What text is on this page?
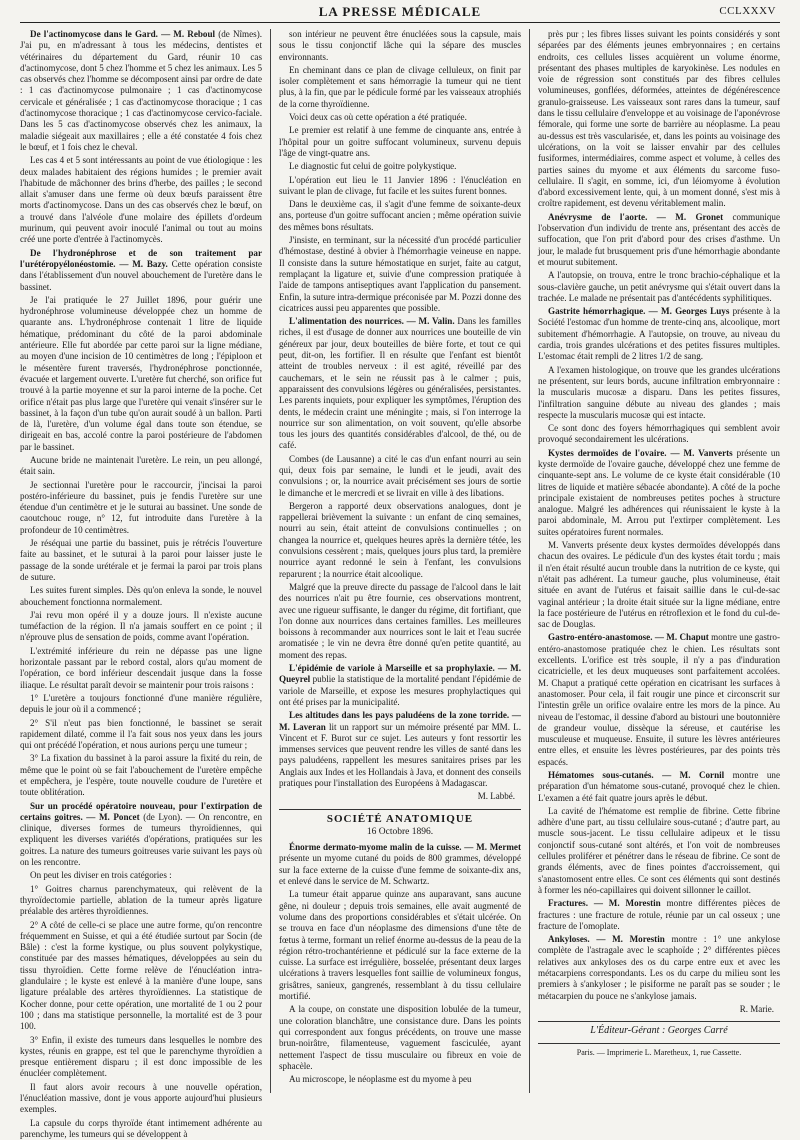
LA PRESSE MÉDICALE	CCLXXXV

De l'actinomycose dans le Gard. — M. Reboul (de Nîmes). J'ai pu, en m'adressant à tous les médecins, dentistes et vétérinaires du département du Gard, réunir 10 cas d'actinomycose, dont 5 chez l'homme et 5 chez les animaux. Les 5 cas observés chez l'homme se décomposent ainsi par ordre de date : 1 cas d'actinomycose pulmonaire ; 1 cas d'actinomycose cervicale et généralisée ; 1 cas d'actinomycose thoracique ; 1 cas d'actinomycose thoracique ; 1 cas d'actinomycose cervico-faciale. Dans les 5 cas d'actinomycose observés chez les animaux, la maladie siégeait aux maxillaires ; elle a été constatée 4 fois chez le bœuf, et 1 fois chez le cheval.

Les cas 4 et 5 sont intéressants au point de vue étiologique : les deux malades habitaient des régions humides ; le premier avait l'habitude de mâchonner des brins d'herbe, des pailles ; le second allait s'amuser dans une ferme où deux bœufs paraissent être morts d'actinomycose. Dans un des cas observés chez le bœuf, on a trouvé dans l'alvéole d'une molaire des épillets d'ordeum murinum, qui peuvent avoir inoculé l'animal ou tout au moins créé une porte d'entrée à l'actinomycès.

De l'hydronéphrose et de son traitement par l'urétéropyélonéostomie. — M. Bazy. Cette opération consiste dans l'établissement d'un nouvel abouchement de l'uretère dans le bassinet.

Je l'ai pratiquée le 27 Juillet 1896, pour guérir une hydronéphrose volumineuse développée chez un homme de quarante ans. L'hydronéphrose contenait 1 litre de liquide hématique, prédominant du côté de la paroi abdominale antérieure. Elle fut abordée par cette paroi sur la ligne médiane, au moyen d'une incision de 10 centimètres de long ; l'épiploon et le mésentère furent traversés, l'hydronéphrose ponctionnée, évacuée et largement ouverte. L'uretère fut cherché, son orifice fut trouvé à la partie moyenne et sur la paroi interne de la poche. Cet orifice n'était pas plus large que l'uretère qui venait s'insérer sur le bassinet, à la façon d'un tube qu'on aurait soudé à un ballon. Parti de là, l'uretère, d'un volume égal dans toute son étendue, se dirigeait en bas, accolé contre la paroi postérieure de l'abdomen par le bassinet.

Aucune bride ne maintenait l'uretère. Le rein, un peu allongé, était sain.

Je sectionnai l'uretère pour le raccourcir, j'incisai la paroi postéro-inférieure du bassinet, puis je fendis l'uretère sur une étendue d'un centimètre et je le suturai au bassinet. Une sonde de caoutchouc rouge, n° 12, fut introduite dans l'uretère à la profondeur de 10 centimètres.

Je réséquai une partie du bassinet, puis je rétrécis l'ouverture faite au bassinet, et le suturai à la paroi pour laisser juste le passage de la sonde urétérale et je fermai la paroi par trois plans de suture.

Les suites furent simples. Dès qu'on enleva la sonde, le nouvel abouchement fonctionna normalement.

J'ai revu mon opéré il y a douze jours. Il n'existe aucune tuméfaction de la région. Il n'a jamais souffert en ce point ; il n'éprouve plus de sensation de poids, comme avant l'opération.

L'extrémité inférieure du rein ne dépasse pas une ligne horizontale passant par le rebord costal, alors qu'au moment de l'opération, ce bord inférieur descendait jusque dans la fosse iliaque. Le résultat paraît devoir se maintenir pour trois raisons :

1° L'uretère a toujours fonctionné d'une manière régulière, depuis le jour où il a commencé ;

2° S'il n'eut pas bien fonctionné, le bassinet se serait rapidement dilaté, comme il l'a fait sous nos yeux dans les jours qui ont précédé l'opération, et nous aurions perçu une tumeur ;

3° La fixation du bassinet à la paroi assure la fixité du rein, de même que le point où se fait l'abouchement de l'uretère empêche et empêchera, je l'espère, toute nouvelle coudure de l'uretère et toute oblitération.

Sur un procédé opératoire nouveau, pour l'extirpation de certains goitres. — M. Poncet (de Lyon). — On rencontre, en clinique, diverses formes de tumeurs thyroïdiennes, qui expliquent les diverses variétés d'opérations, pratiquées sur les goitres. La nature des tumeurs goitreuses varie suivant les pays où on les rencontre.

On peut les diviser en trois catégories :

1° Goitres charnus parenchymateux, qui relèvent de la thyroïdectomie partielle, ablation de la tumeur après ligature préalable des artères thyroïdiennes.

2° A côté de celle-ci se place une autre forme, qu'on rencontre fréquemment en Suisse, et qui a été étudiée surtout par Socin (de Bâle) : c'est la forme kystique, ou plus souvent polykystique, constituée par des masses hématiques, développées au sein du tissu thyroïdien. Cette forme relève de l'énucléation intra-glandulaire ; le kyste est enlevé à la manière d'une loupe, sans ligature préalable des artères thyroïdiennes. La statistique de Kocher donne, pour cette opération, une mortalité de 1 ou 2 pour 100 ; dans ma statistique personnelle, la mortalité est de 3 pour 100.

3° Enfin, il existe des tumeurs dans lesquelles le nombre des kystes, réunis en grappe, est tel que le parenchyme thyroïdien a presque entièrement disparu ; il est donc impossible de les énucléer complètement.

Il faut alors avoir recours à une nouvelle opération, l'énucléation massive, dont je vous apporte aujourd'hui plusieurs exemples.

La capsule du corps thyroïde étant intimement adhérente au parenchyme, les tumeurs qui se développent à

son intérieur ne peuvent être énucléées sous la capsule, mais sous le tissu conjonctif lâche qui la sépare des muscles environnants.

En cheminant dans ce plan de clivage celluleux, on finit par isoler complètement et sans hémorragie la tumeur qui ne tient plus, à la fin, que par le pédicule formé par les vaisseaux atrophiés de la corne thyroïdienne.

Voici deux cas où cette opération a été pratiquée.

Le premier est relatif à une femme de cinquante ans, entrée à l'hôpital pour un goitre suffocant volumineux, survenu depuis l'âge de vingt-quatre ans.

Le diagnostic fut celui de goitre polykystique.

L'opération eut lieu le 11 Janvier 1896 : l'énucléation en suivant le plan de clivage, fut facile et les suites furent bonnes.

Dans le deuxième cas, il s'agit d'une femme de soixante-deux ans, porteuse d'un goitre suffocant ancien ; même opération suivie des mêmes bons résultats.

J'insiste, en terminant, sur la nécessité d'un procédé particulier d'hémostase, destiné à obvier à l'hémorrhagie veineuse en nappe. Il consiste dans la suture hémostatique en surjet, faite au catgut, remplaçant la ligature et, suivie d'une compression pratiquée à l'aide de tampons antiseptiques avant l'application du pansement. Enfin, la suture intra-dermique préconisée par M. Pozzi donne des cicatrices aussi peu apparentes que possible.

L'alimentation des nourrices. — M. Valin. Dans les familles riches, il est d'usage de donner aux nourrices une bouteille de vin généreux par jour, deux bouteilles de bière forte, et tout ce qui peut, dit-on, les fortifier. Il en résulte que l'enfant est bientôt atteint de troubles nerveux : il est agité, réveillé par des cauchemars, et le sein ne réussit pas à le calmer ; puis, apparaissent des convulsions légères ou généralisées, persistantes. Les parents inquiets, pour expliquer les symptômes, l'éruption des dents, le médecin craint une méningite ; mais, si l'on interroge la nourrice sur son alimentation, on voit souvent, qu'elle absorbe tous les jours des quantités considérables d'alcool, de thé, ou de café.

Combes (de Lausanne) a cité le cas d'un enfant nourri au sein qui, deux fois par semaine, le lundi et le jeudi, avait des convulsions ; or, la nourrice avait précisément ses jours de sortie le dimanche et le mercredi et se livrait en ville à des libations.

Bergeron a rapporté deux observations analogues, dont je rappellerai brièvement la suivante : un enfant de cinq semaines, nourri au sein, était atteint de convulsions continuelles ; on changea la nourrice et, quelques heures après la dernière tétée, les convulsions cessèrent ; mais, quelques jours plus tard, la première nourrice ayant redonné le sein à l'enfant, les convulsions reparurent ; la nourrice était alcoolique.

Malgré que la preuve directe du passage de l'alcool dans le lait des nourrices n'ait pu être fournie, ces observations montrent, avec une rigueur suffisante, le danger du régime, dit fortifiant, que l'on donne aux nourrices dans certaines familles. Les meilleures boissons à recommander aux nourrices sont le lait et l'eau sucrée aromatisée ; le vin ne devra être donné qu'en petite quantité, au moment des repas.

L'épidémie de variole à Marseille et sa prophylaxie. — M. Queyrel publie la statistique de la mortalité pendant l'épidémie de variole de Marseille, et expose les mesures prophylactiques qui ont été prises par la municipalité.

Les altitudes dans les pays paludéens de la zone torride. — M. Laveran lit un rapport sur un mémoire présenté par MM. L. Vincent et F. Burot sur ce sujet. Les auteurs y font ressortir les immenses services que peuvent rendre les villes de santé dans les pays paludéens, rappellent les mesures sanitaires prises par les Anglais aux Indes et les Hollandais à Java, et donnent des conseils pratiques pour l'installation des Européens à Madagascar.

M. Labbé.
SOCIÉTÉ ANATOMIQUE
16 Octobre 1896.

Énorme dermato-myome malin de la cuisse. — M. Mermet présente un myome cutané du poids de 800 grammes, développé sur la face externe de la cuisse d'une femme de soixante-dix ans, et enlevé dans le service de M. Schwartz.

La tumeur était apparue quinze ans auparavant, sans aucune gêne, ni douleur ; depuis trois semaines, elle avait augmenté de volume dans des proportions considérables et s'était ulcérée. On se trouva en face d'un néoplasme des dimensions d'une tête de fœtus à terme, formant un relief énorme au-dessus de la peau de la région rétro-trochantérienne et pédiculé sur la face externe de la cuisse. La surface est irrégulière, bosselée, présentant deux larges ulcérations à travers lesquelles font saillie de volumineux fongus, grisâtres, sanieux, gangrenés, ressemblant à du tissu cellulaire mortifié.

A la coupe, on constate une disposition lobulée de la tumeur, une coloration blanchâtre, une consistance dure. Dans les points qui correspondent aux fongus précédents, on trouve une masse brun-noirâtre, filamenteuse, vaguement fasciculée, ayant nettement l'aspect de tissu musculaire ou fibreux en voie de sphacèle.

Au microscope, le néoplasme est du myome à peu

près pur ; les fibres lisses suivant les points considérés y sont séparées par des éléments jeunes embryonnaires ; en certains endroits, ces cellules lisses acquièrent un volume énorme, présentant des phases multiples de karyokinèse. Les nodules en voie de régression sont constitués par des fibres cellules volumineuses, gonflées, déformées, atteintes de dégénérescence granulo-graisseuse. Les vaisseaux sont rares dans la tumeur, sauf dans le tissu cellulaire d'enveloppe et au voisinage de l'aponévrose fémorale, qui forme une sorte de barrière au néoplasme. La peau au-dessus est très vascularisée, et, dans les points au voisinage des ulcérations, on la voit se laisser envahir par des cellules fusiformes, intermédiaires, comme aspect et volume, à celles des parties saines du myome et aux éléments du sarcome fuso-cellulaire. Il s'agit, en somme, ici, d'un léiomyome à évolution d'abord excessivement lente, qui, à un moment donné, s'est mis à croître rapidement, est devenu véritablement malin.

Anévrysme de l'aorte. — M. Gronet communique l'observation d'un individu de trente ans, présentant des accès de suffocation, que l'on prit d'abord pour des crises d'asthme. Un jour, le malade fut brusquement pris d'une hémorrhagie abondante et mourut subitement.

A l'autopsie, on trouva, entre le tronc brachio-céphalique et la sous-clavière gauche, un petit anévrysme qui s'était ouvert dans la trachée. Le malade ne présentait pas d'antécédents syphilitiques.

Gastrite hémorrhagique. — M. Georges Luys présente à la Société l'estomac d'un homme de trente-cinq ans, alcoolique, mort subitement d'hémorrhagie. A l'autopsie, on trouve, au niveau du cardia, trois grandes ulcérations et des petites fissures multiples. L'estomac était rempli de 2 litres 1/2 de sang.

A l'examen histologique, on trouve que les grandes ulcérations ne présentent, sur leurs bords, aucune infiltration embryonnaire : la muscularis mucosæ a disparu. Dans les petites fissures, l'infiltration sanguine débute au niveau des glandes ; mais respecte la muscularis mucosæ qui est intacte.

Ce sont donc des foyers hémorrhagiques qui semblent avoir provoqué secondairement les ulcérations.

Kystes dermoïdes de l'ovaire. — M. Vanverts présente un kyste dermoïde de l'ovaire gauche, développé chez une femme de cinquante-sept ans. Le volume de ce kyste était considérable (10 litres de liquide et matière sébacée abondante). A côté de la poche principale existaient de nombreuses petites poches à structure analogue. Malgré les adhérences qui réunissaient le kyste à la paroi abdominale, M. Arrou put l'extirper complètement. Les suites opératoires furent normales.

M. Vanverts présente deux kystes dermoïdes développés dans chacun des ovaires. Le pédicule d'un des kystes était tordu ; mais il n'en était résulté aucun trouble dans la nutrition de ce kyste, qui n'était pas adhérent. La tumeur gauche, plus volumineuse, était située en avant de l'utérus et faisait saillie dans le cul-de-sac vaginal antérieur ; la droite était située sur la ligne médiane, entre la face postérieure de l'utérus en rétroflexion et le fond du cul-de-sac de Douglas.

Gastro-entéro-anastomose. — M. Chaput montre une gastro-entéro-anastomose pratiquée chez le chien. Les résultats sont excellents. L'orifice est très souple, il n'y a pas d'induration cicatricielle, et les deux muqueuses sont parfaitement accolées. M. Chaput a pratiqué cette opération en cicatrisant les surfaces à anastomoser. Pour cela, il fait rougir une pince et circonscrit sur l'intestin grêle un orifice ovalaire entre les mors de la pince. Au niveau de l'estomac, il dessine d'abord au bistouri une boutonnière de grandeur voulue, dissèque la séreuse, et cautérise les musculeuse et muqueuse. Ensuite, il suture les lèvres antérieures entre elles, et ensuite les lèvres postérieures, par des points très espacés.

Hématomes sous-cutanés. — M. Cornil montre une préparation d'un hématome sous-cutané, provoqué chez le chien. L'examen a été fait quatre jours après le début.

La cavité de l'hématome est remplie de fibrine. Cette fibrine adhère d'une part, au tissu cellulaire sous-cutané ; d'autre part, au muscle sous-jacent. Le tissu cellulaire adipeux et le tissu conjonctif sous-cutané sont altérés, et l'on voit de nombreuses cellules proliférer et pénétrer dans le réseau de fibrine. Ce sont de grands éléments, avec de fines pointes d'accroissement, qui s'anastomosent entre elles. Ce sont ces éléments qui sont destinés à former les néo-capillaires qui doivent sillonner le caillot.

Fractures. — M. Morestin montre différentes pièces de fractures : une fracture de rotule, réunie par un cal osseux ; une fracture de l'omoplate.

Ankyloses. — M. Morestin montre : 1° une ankylose complète de l'astragale avec le scaphoïde ; 2° différentes pièces relatives aux ankyloses des os du carpe entre eux et avec les métacarpiens correspondants. Les os du carpe du milieu sont les premiers à s'ankyloser ; le pisiforme ne paraît pas se souder ; le métacarpien du pouce ne s'ankylose jamais.

R. Marie.
L'Éditeur-Gérant : Georges Carré
Paris. — Imprimerie L. Maretheux, 1, rue Cassette.
